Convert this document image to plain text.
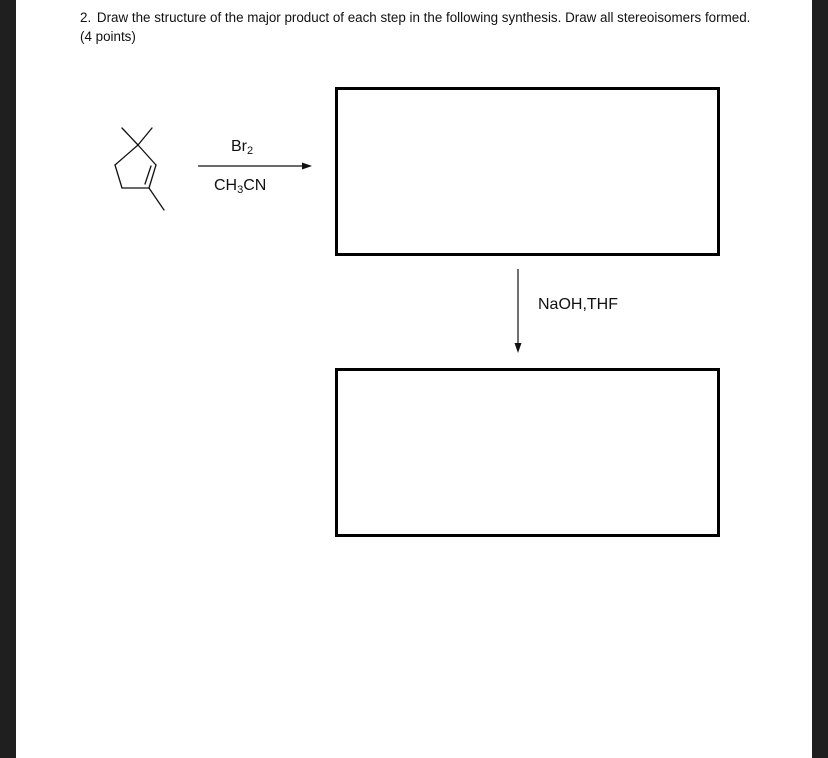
2. Draw the structure of the major product of each step in the following synthesis. Draw all stereoisomers formed. (4 points)
$Br_2$
$CH_3CN$
NaOH,THF
